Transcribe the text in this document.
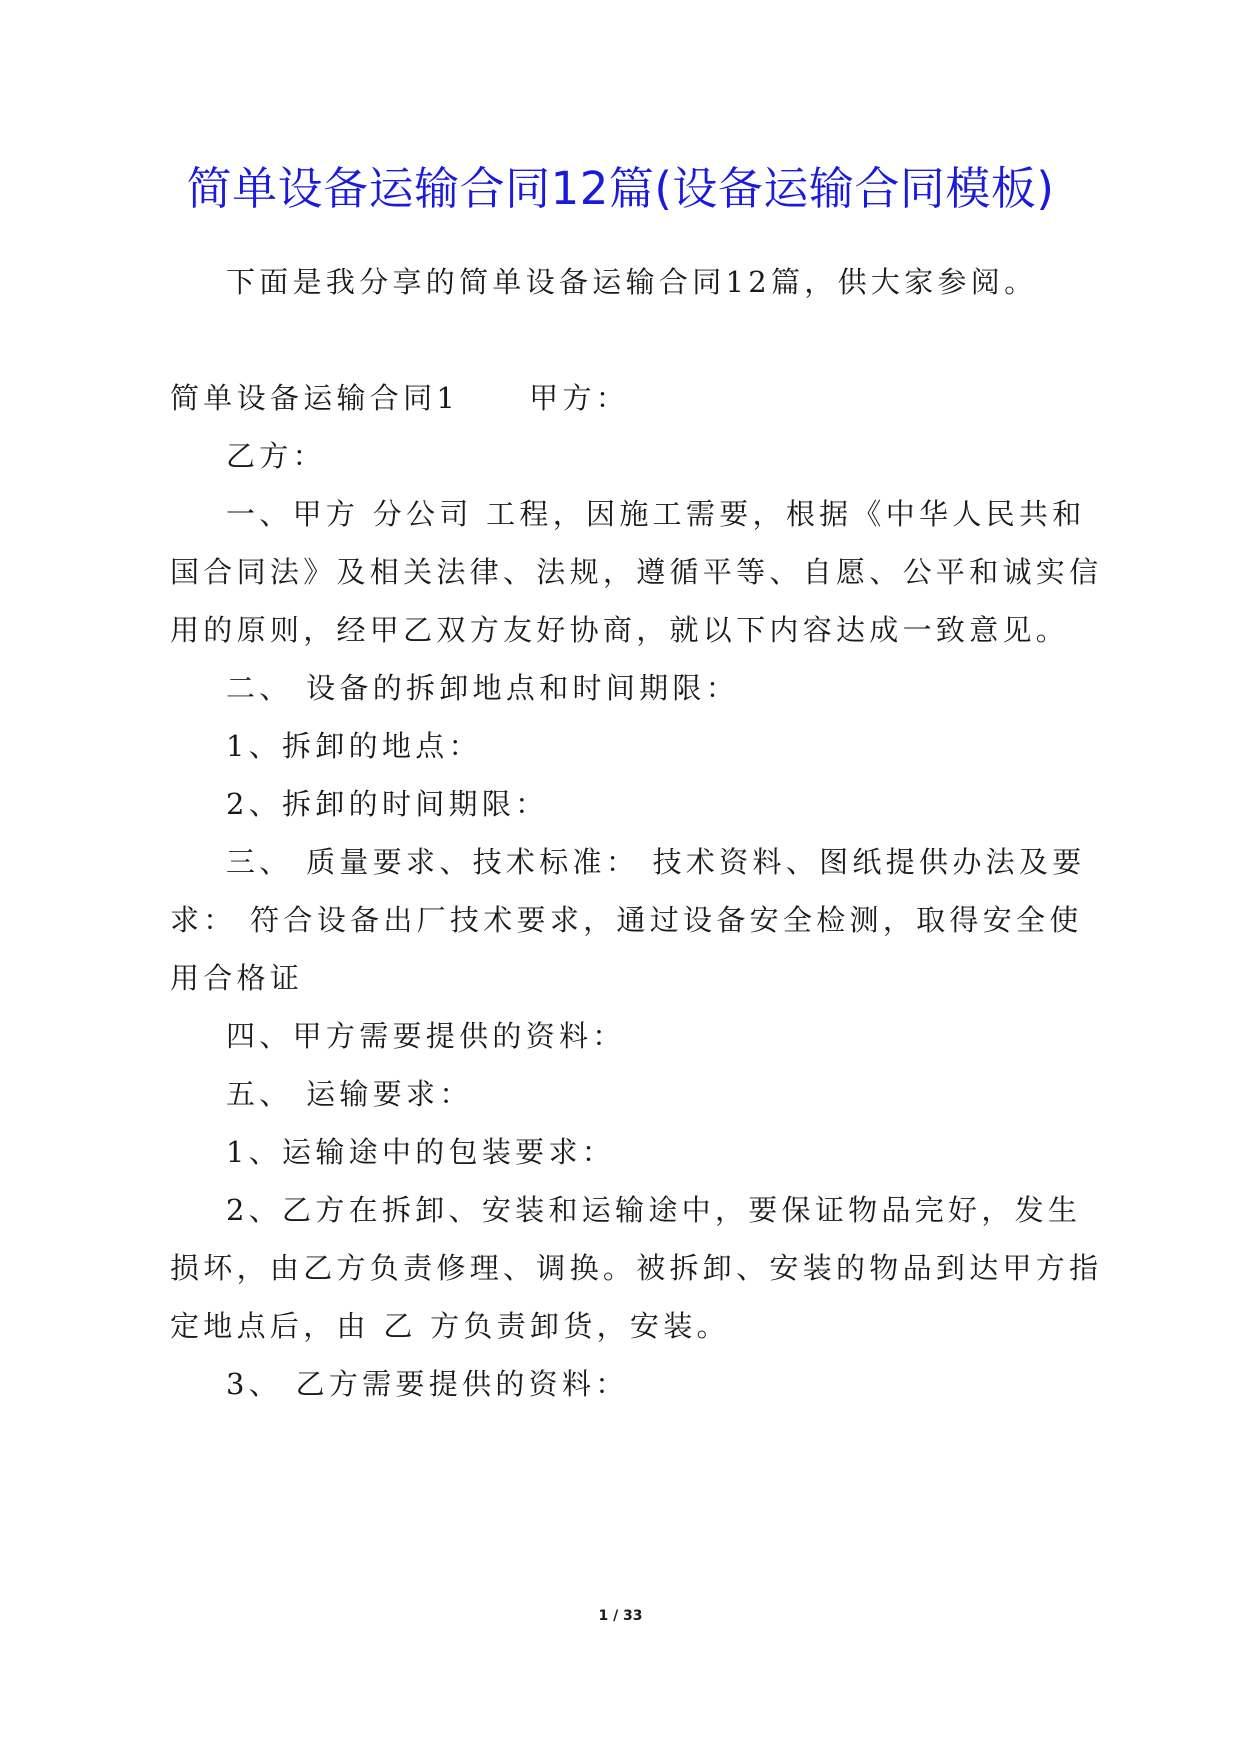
简单设备运输合同12篇(设备运输合同模板)
下面是我分享的简单设备运输合同12篇，供大家参阅。
简单设备运输合同1 甲方：
乙方：
一、甲方 分公司 工程，因施工需要，根据《中华人民共和
国合同法》及相关法律、法规，遵循平等、自愿、公平和诚实信
用的原则，经甲乙双方友好协商，就以下内容达成一致意见。
二、 设备的拆卸地点和时间期限：
1、拆卸的地点：
2、拆卸的时间期限：
三、 质量要求、技术标准： 技术资料、图纸提供办法及要
求： 符合设备出厂技术要求，通过设备安全检测，取得安全使
用合格证
四、甲方需要提供的资料：
五、 运输要求：
1、运输途中的包装要求：
2、乙方在拆卸、安装和运输途中，要保证物品完好，发生
损坏，由乙方负责修理、调换。被拆卸、安装的物品到达甲方指
定地点后，由 乙 方负责卸货，安装。
3、 乙方需要提供的资料：
1 / 33
